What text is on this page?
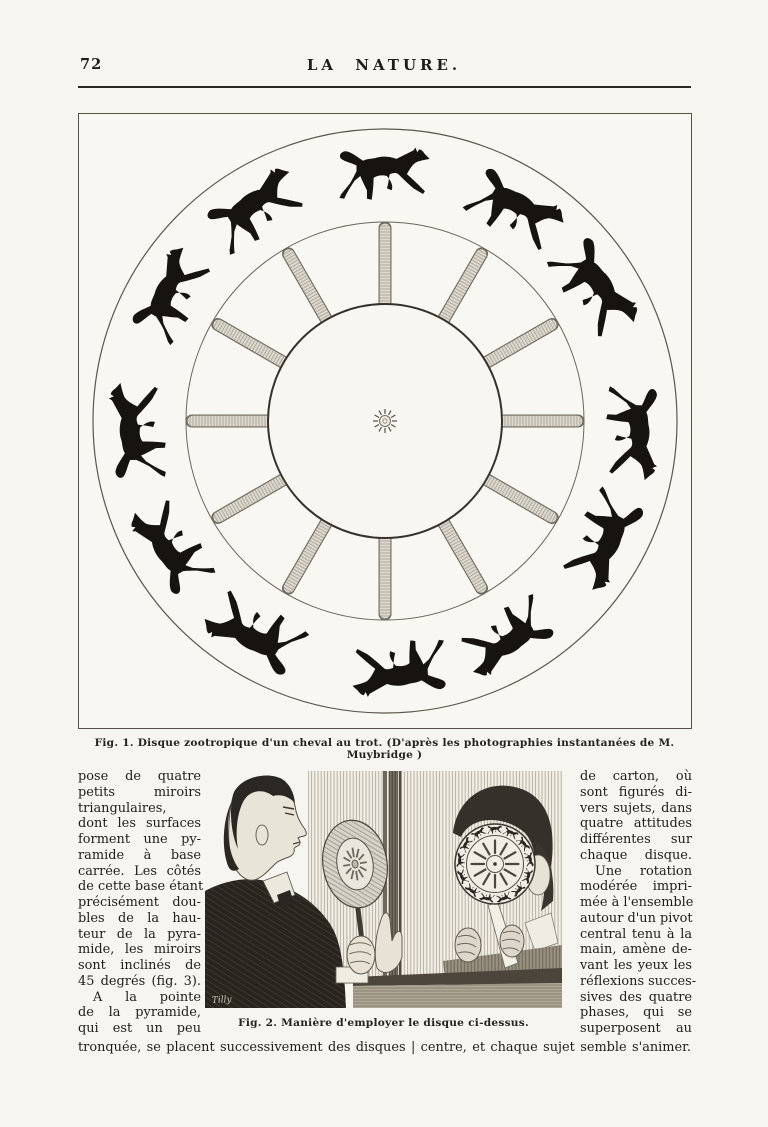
72	LA NATURE.
Fig. 1. Disque zootropique d'un cheval au trot. (D'après les photographies instantanées de M. Muybridge )
pose de quatre
petits miroirs
triangulaires,
dont les surfaces
forment une py-
ramide à base
carrée. Les côtés
de cette base étant
précisément dou-
bles de la hau-
teur de la pyra-
mide, les miroirs
sont inclinés de
45 degrés (fig. 3).
A la pointe
de la pyramide,
qui est un peu
Tilly
Fig. 2. Manière d'employer le disque ci-dessus.
de carton, où
sont figurés di-
vers sujets, dans
quatre attitudes
différentes sur
chaque disque.
Une rotation
modérée impri-
mée à l'ensemble
autour d'un pivot
central tenu à la
main, amène de-
vant les yeux les
réflexions succes-
sives des quatre
phases, qui se
superposent au
tronquée, se placent successivement des disques | centre, et chaque sujet semble s'animer.
